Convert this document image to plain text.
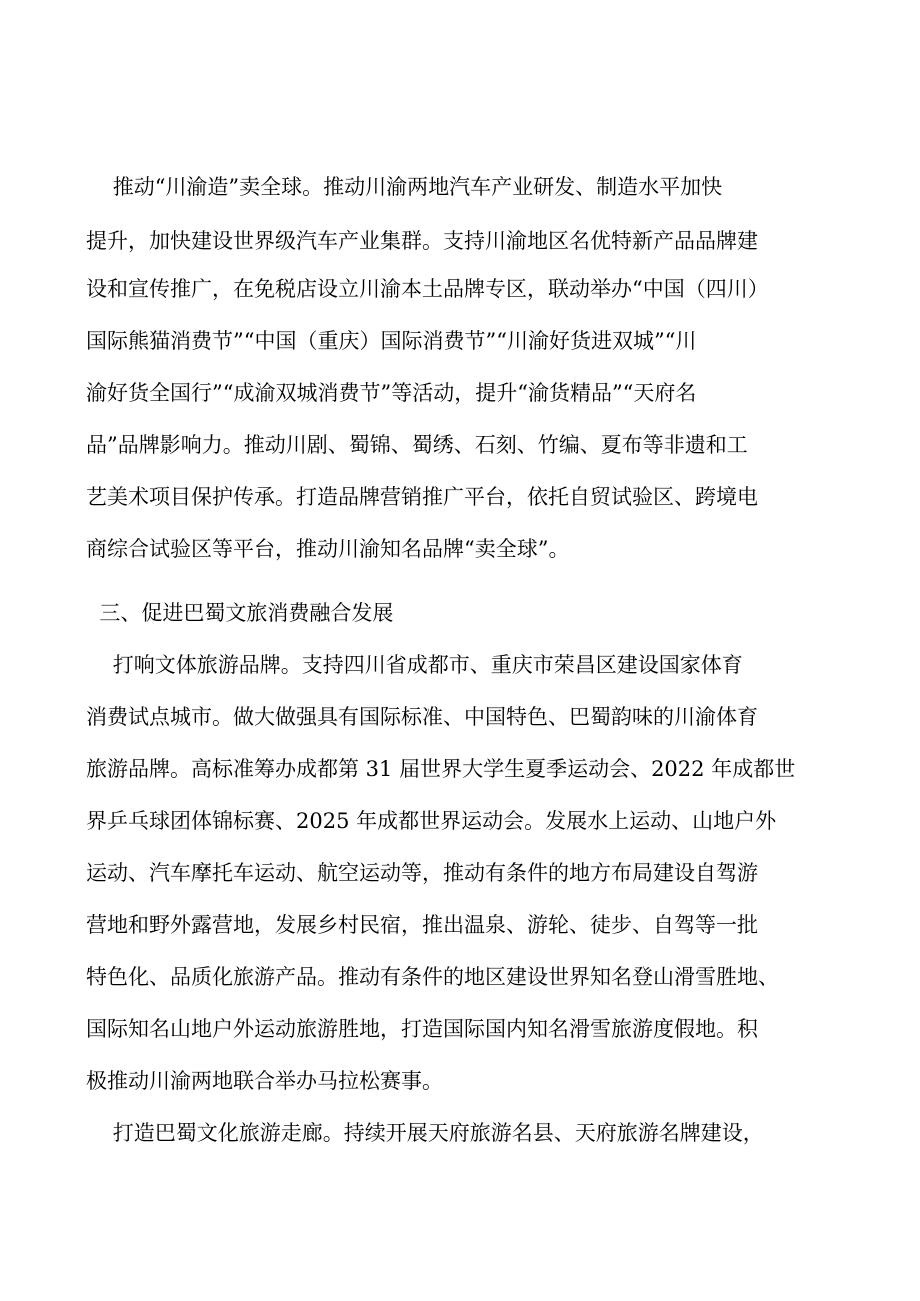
推动“川渝造”卖全球。推动川渝两地汽车产业研发、制造水平加快
提升，加快建设世界级汽车产业集群。支持川渝地区名优特新产品品牌建
设和宣传推广，在免税店设立川渝本土品牌专区，联动举办“中国（四川）
国际熊猫消费节”“中国（重庆）国际消费节”“川渝好货进双城”“川
渝好货全国行”“成渝双城消费节”等活动，提升“渝货精品”“天府名
品”品牌影响力。推动川剧、蜀锦、蜀绣、石刻、竹编、夏布等非遗和工
艺美术项目保护传承。打造品牌营销推广平台，依托自贸试验区、跨境电
商综合试验区等平台，推动川渝知名品牌“卖全球”。
三、促进巴蜀文旅消费融合发展
打响文体旅游品牌。支持四川省成都市、重庆市荣昌区建设国家体育
消费试点城市。做大做强具有国际标准、中国特色、巴蜀韵味的川渝体育
旅游品牌。高标准筹办成都第 31 届世界大学生夏季运动会、2022 年成都世
界乒乓球团体锦标赛、2025 年成都世界运动会。发展水上运动、山地户外
运动、汽车摩托车运动、航空运动等，推动有条件的地方布局建设自驾游
营地和野外露营地，发展乡村民宿，推出温泉、游轮、徒步、自驾等一批
特色化、品质化旅游产品。推动有条件的地区建设世界知名登山滑雪胜地、
国际知名山地户外运动旅游胜地，打造国际国内知名滑雪旅游度假地。积
极推动川渝两地联合举办马拉松赛事。
打造巴蜀文化旅游走廊。持续开展天府旅游名县、天府旅游名牌建设，
